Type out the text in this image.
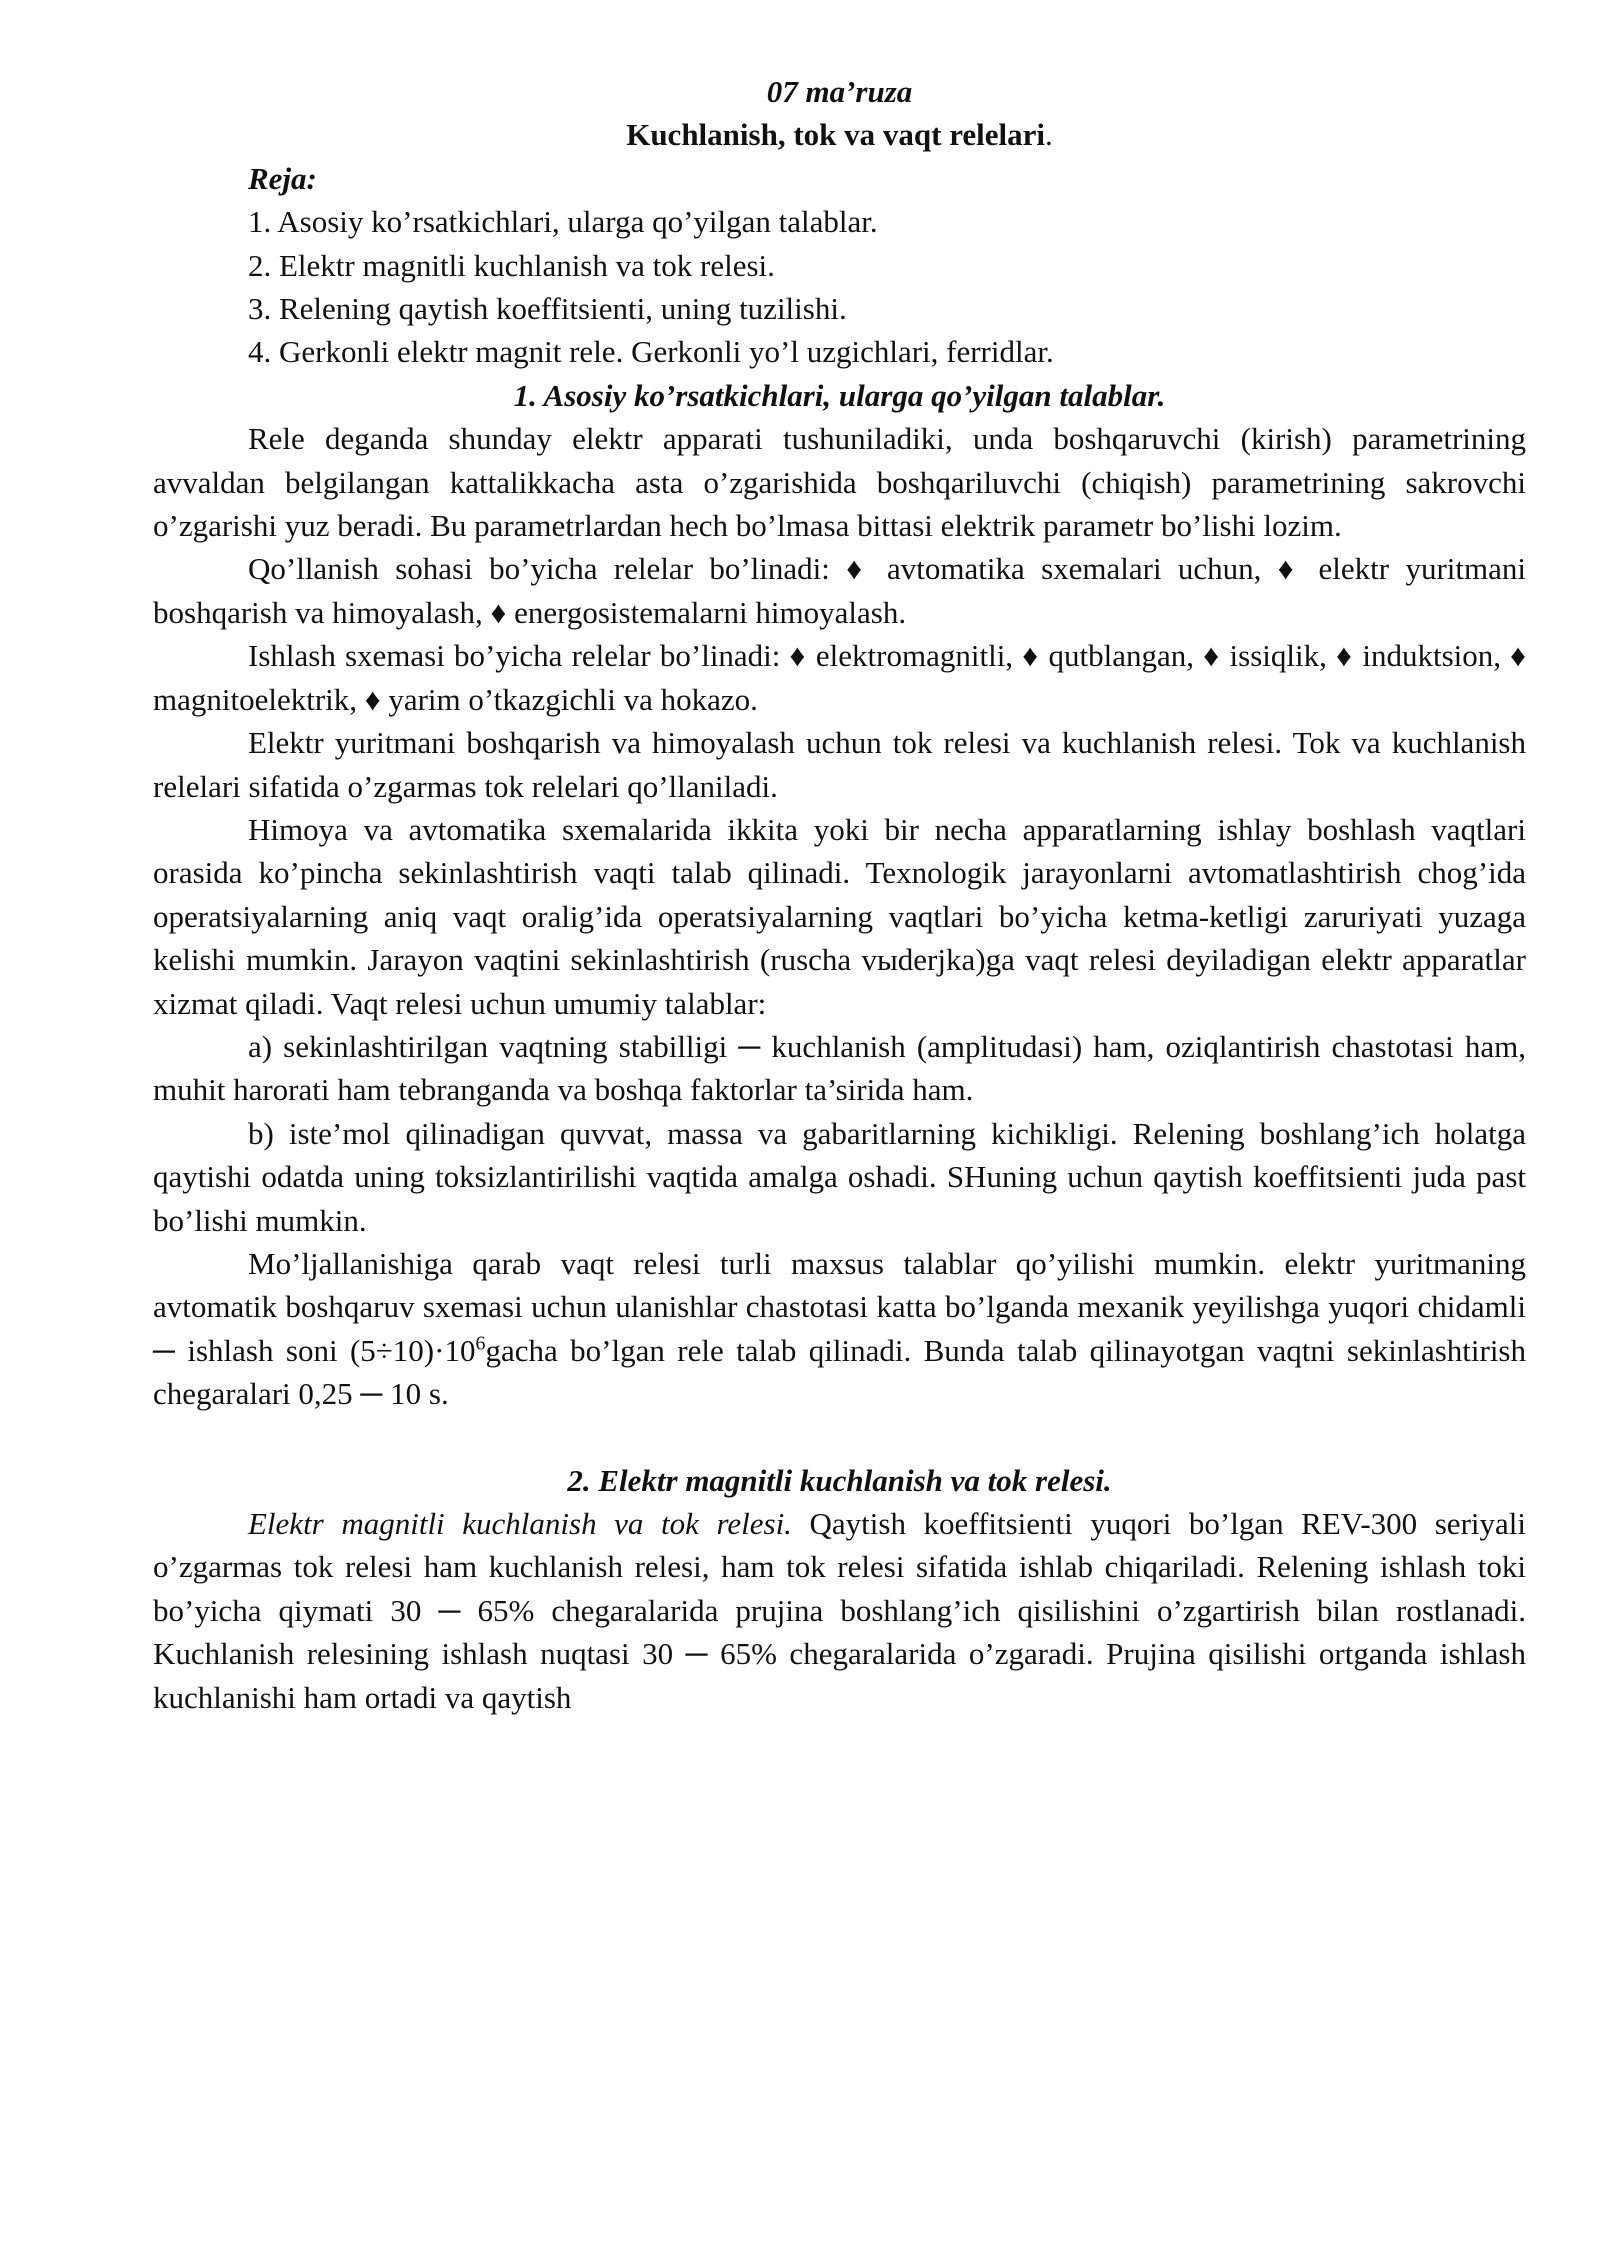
07 ma’ruza
Kuchlanish, tok va vaqt relelari.
Reja:
1. Asosiy ko’rsatkichlari, ularga qo’yilgan talablar.
2. Elektr magnitli kuchlanish va tok relesi.
3. Relening qaytish koeffitsienti, uning tuzilishi.
4. Gerkonli elektr magnit rele. Gerkonli yo’l uzgichlari, ferridlar.
1. Asosiy ko’rsatkichlari, ularga qo’yilgan talablar.

Rele deganda shunday elektr apparati tushuniladiki, unda boshqaruvchi (kirish) parametrining avvaldan belgilangan kattalikkacha asta o’zgarishida boshqariluvchi (chiqish) parametrining sakrovchi o’zgarishi yuz beradi. Bu parametrlardan hech bo’lmasa bittasi elektrik parametr bo’lishi lozim.

Qo’llanish sohasi bo’yicha relelar bo’linadi: ♦ avtomatika sxemalari uchun, ♦ elektr yuritmani boshqarish va himoyalash, ♦ energosistemalarni himoyalash.

Ishlash sxemasi bo’yicha relelar bo’linadi: ♦ elektromagnitli, ♦ qutblangan, ♦ issiqlik, ♦ induktsion, ♦ magnitoelektrik, ♦ yarim o’tkazgichli va hokazo.

Elektr yuritmani boshqarish va himoyalash uchun tok relesi va kuchlanish relesi. Tok va kuchlanish relelari sifatida o’zgarmas tok relelari qo’llaniladi.

Himoya va avtomatika sxemalarida ikkita yoki bir necha apparatlarning ishlay boshlash vaqtlari orasida ko’pincha sekinlashtirish vaqti talab qilinadi. Texnologik jarayonlarni avtomatlashtirish chog’ida operatsiyalarning aniq vaqt oralig’ida operatsiyalarning vaqtlari bo’yicha ketma-ketligi zaruriyati yuzaga kelishi mumkin. Jarayon vaqtini sekinlashtirish (ruscha vыderjka)ga vaqt relesi deyiladigan elektr apparatlar xizmat qiladi. Vaqt relesi uchun umumiy talablar:

a) sekinlashtirilgan vaqtning stabilligi ─ kuchlanish (amplitudasi) ham, oziqlantirish chastotasi ham, muhit harorati ham tebranganda va boshqa faktorlar ta’sirida ham.

b) iste’mol qilinadigan quvvat, massa va gabaritlarning kichikligi. Relening boshlang’ich holatga qaytishi odatda uning toksizlantirilishi vaqtida amalga oshadi. SHuning uchun qaytish koeffitsienti juda past bo’lishi mumkin.

Mo’ljallanishiga qarab vaqt relesi turli maxsus talablar qo’yilishi mumkin. elektr yuritmaning avtomatik boshqaruv sxemasi uchun ulanishlar chastotasi katta bo’lganda mexanik yeyilishga yuqori chidamli ─ ishlash soni $(5\div 10)\cdot 10^6gacha$ bo’lgan rele talab qilinadi. Bunda talab qilinayotgan vaqtni sekinlashtirish chegaralari 0,25 ─ 10 s.

2. Elektr magnitli kuchlanish va tok relesi.

Elektr magnitli kuchlanish va tok relesi. Qaytish koeffitsienti yuqori bo’lgan REV-300 seriyali o’zgarmas tok relesi ham kuchlanish relesi, ham tok relesi sifatida ishlab chiqariladi. Relening ishlash toki bo’yicha qiymati 30 ─ 65% chegaralarida prujina boshlang’ich qisilishini o’zgartirish bilan rostlanadi. Kuchlanish relesining ishlash nuqtasi 30 ─ 65% chegaralarida o’zgaradi. Prujina qisilishi ortganda ishlash kuchlanishi ham ortadi va qaytish
